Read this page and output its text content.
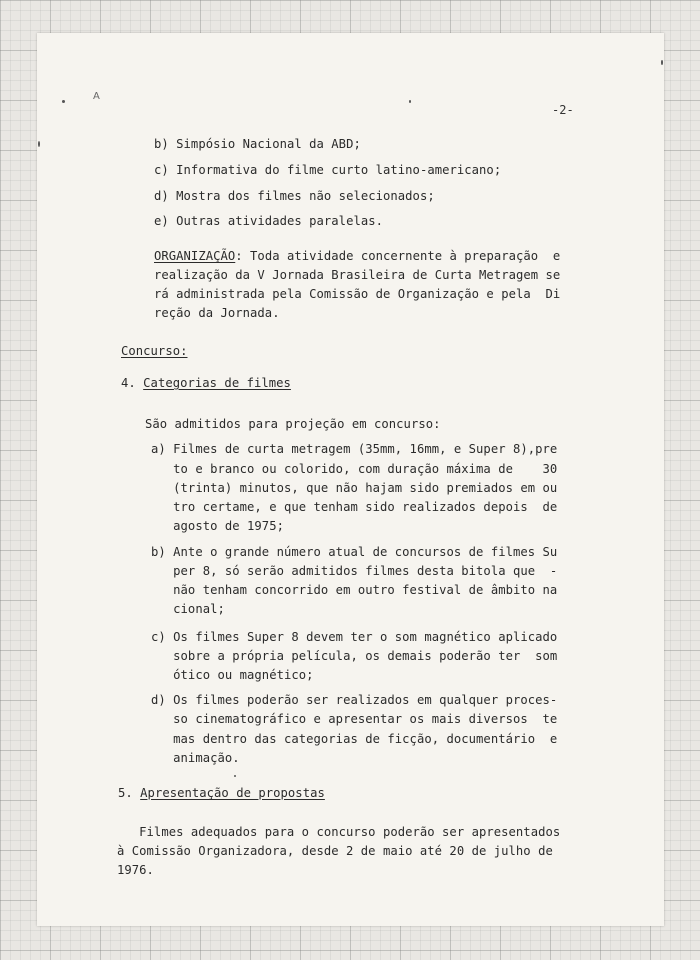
A
-2-
b) Simpósio Nacional da ABD;
c) Informativa do filme curto latino-americano;
d) Mostra dos filmes não selecionados;
e) Outras atividades paralelas.
ORGANIZAÇÃO: Toda atividade concernente à preparação  e
realização da V Jornada Brasileira de Curta Metragem se
rá administrada pela Comissão de Organização e pela  Di
reção da Jornada.
Concurso:
4. Categorias de filmes
São admitidos para projeção em concurso:
a) Filmes de curta metragem (35mm, 16mm, e Super 8),pre
to e branco ou colorido, com duração máxima de    30
(trinta) minutos, que não hajam sido premiados em ou
tro certame, e que tenham sido realizados depois  de
agosto de 1975;
b) Ante o grande número atual de concursos de filmes Su
per 8, só serão admitidos filmes desta bitola que  -
não tenham concorrido em outro festival de âmbito na
cional;
c) Os filmes Super 8 devem ter o som magnético aplicado
sobre a própria película, os demais poderão ter  som
ótico ou magnético;
d) Os filmes poderão ser realizados em qualquer proces-
so cinematográfico e apresentar os mais diversos  te
mas dentro das categorias de ficção, documentário  e
animação.
5. Apresentação de propostas
Filmes adequados para o concurso poderão ser apresentados
à Comissão Organizadora, desde 2 de maio até 20 de julho de
1976.
